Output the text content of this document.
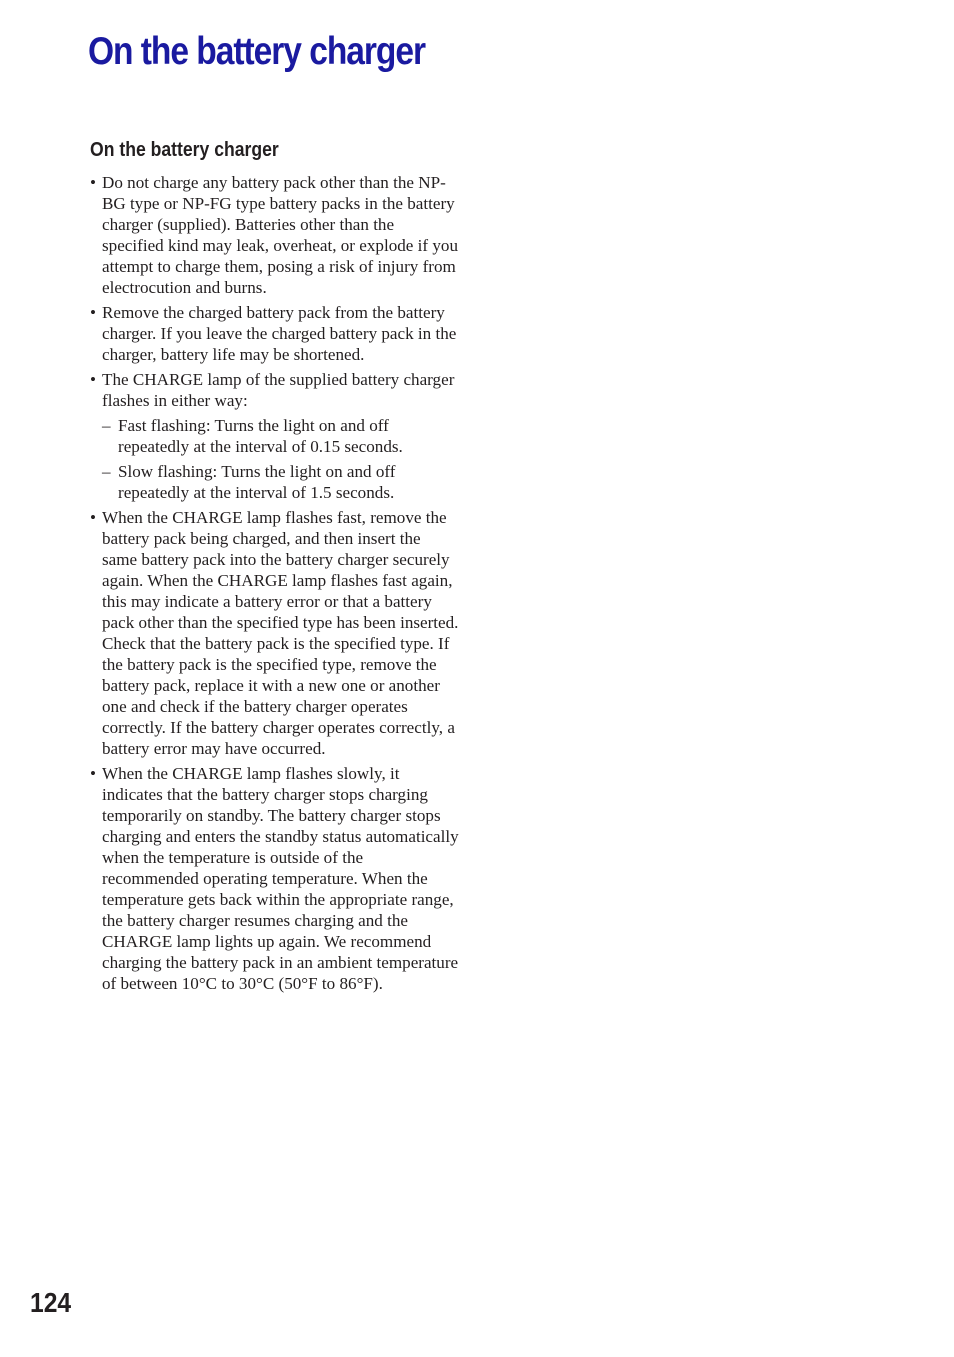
On the battery charger
On the battery charger
• Do not charge any battery pack other than the NP-BG type or NP-FG type battery packs in the battery charger (supplied). Batteries other than the specified kind may leak, overheat, or explode if you attempt to charge them, posing a risk of injury from electrocution and burns.
• Remove the charged battery pack from the battery charger. If you leave the charged battery pack in the charger, battery life may be shortened.
• The CHARGE lamp of the supplied battery charger flashes in either way:
– Fast flashing: Turns the light on and off repeatedly at the interval of 0.15 seconds.
– Slow flashing: Turns the light on and off repeatedly at the interval of 1.5 seconds.
• When the CHARGE lamp flashes fast, remove the battery pack being charged, and then insert the same battery pack into the battery charger securely again. When the CHARGE lamp flashes fast again, this may indicate a battery error or that a battery pack other than the specified type has been inserted. Check that the battery pack is the specified type. If the battery pack is the specified type, remove the battery pack, replace it with a new one or another one and check if the battery charger operates correctly. If the battery charger operates correctly, a battery error may have occurred.
• When the CHARGE lamp flashes slowly, it indicates that the battery charger stops charging temporarily on standby. The battery charger stops charging and enters the standby status automatically when the temperature is outside of the recommended operating temperature. When the temperature gets back within the appropriate range, the battery charger resumes charging and the CHARGE lamp lights up again. We recommend charging the battery pack in an ambient temperature of between 10°C to 30°C (50°F to 86°F).
124
